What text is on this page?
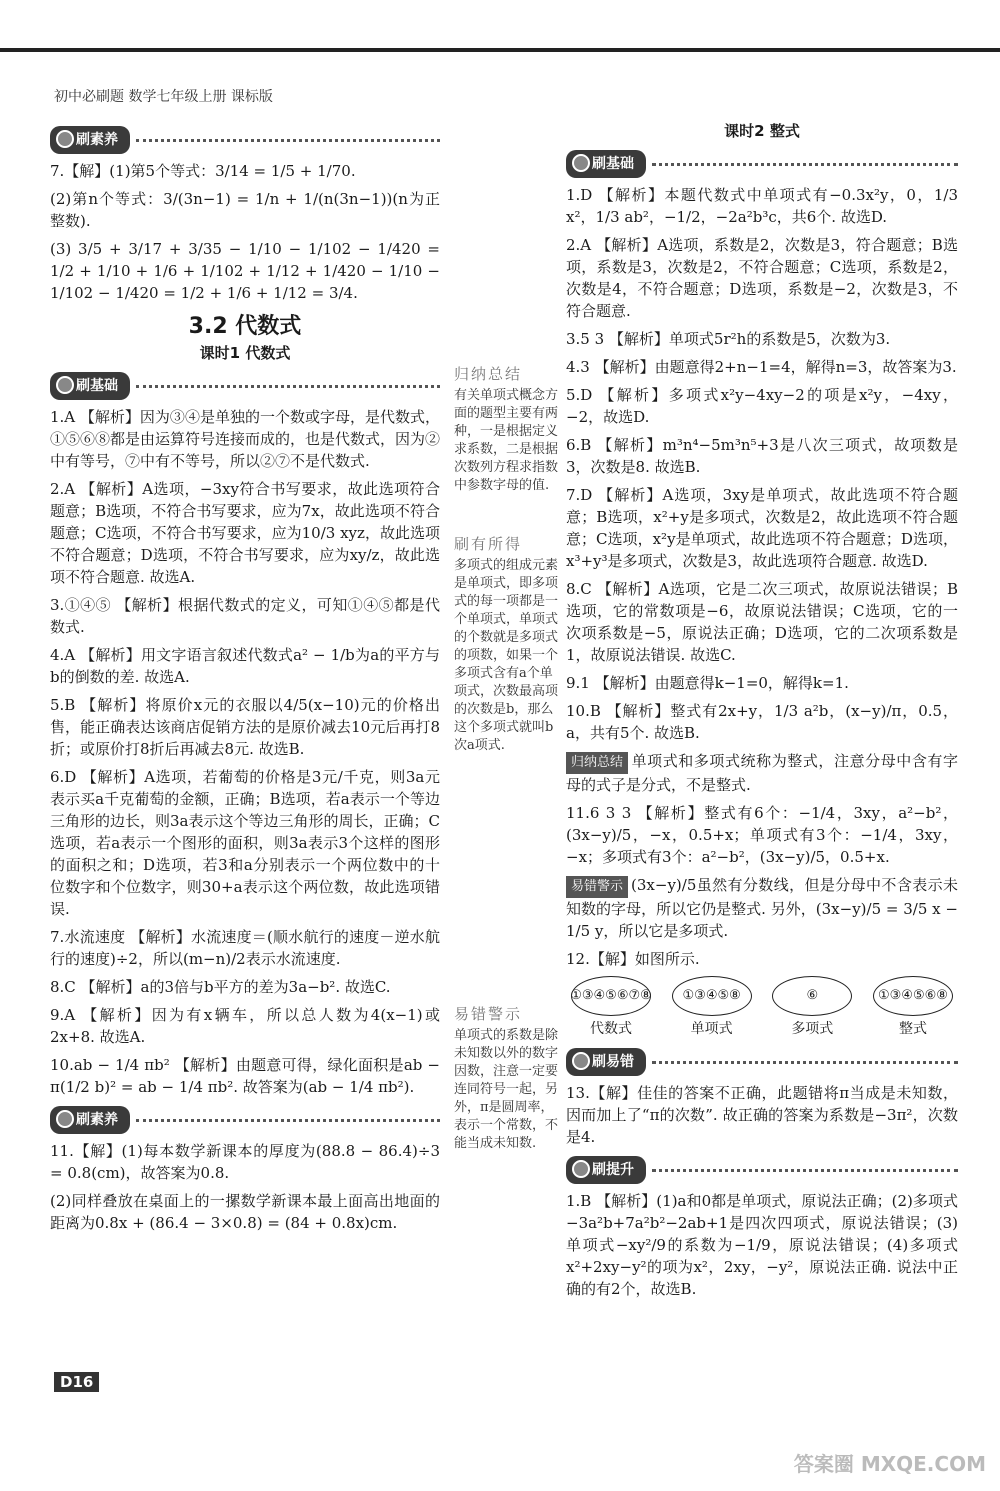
初中必刷题 数学七年级上册 课标版
刷素养
7.【解】(1)第5个等式：3/14 = 1/5 + 1/70.
(2)第n个等式：3/(3n−1) = 1/n + 1/(n(3n−1))(n为正整数).
(3) 3/5 + 3/17 + 3/35 − 1/10 − 1/102 − 1/420 = 1/2 + 1/10 + 1/6 + 1/102 + 1/12 + 1/420 − 1/10 − 1/102 − 1/420 = 1/2 + 1/6 + 1/12 = 3/4.
3.2 代数式
课时1 代数式
刷基础
1.A 【解析】因为③④是单独的一个数或字母，是代数式，①⑤⑥⑧都是由运算符号连接而成的，也是代数式，因为②中有等号，⑦中有不等号，所以②⑦不是代数式.
2.A 【解析】A选项，−3xy符合书写要求，故此选项符合题意；B选项，不符合书写要求，应为7x，故此选项不符合题意；C选项，不符合书写要求，应为10/3 xyz，故此选项不符合题意；D选项，不符合书写要求，应为xy/z，故此选项不符合题意. 故选A.
3.①④⑤ 【解析】根据代数式的定义，可知①④⑤都是代数式.
4.A 【解析】用文字语言叙述代数式a² − 1/b为a的平方与b的倒数的差. 故选A.
5.B 【解析】将原价x元的衣服以4/5(x−10)元的价格出售，能正确表达该商店促销方法的是原价减去10元后再打8折；或原价打8折后再减去8元. 故选B.
6.D 【解析】A选项，若葡萄的价格是3元/千克，则3a元表示买a千克葡萄的金额，正确；B选项，若a表示一个等边三角形的边长，则3a表示这个等边三角形的周长，正确；C选项，若a表示一个图形的面积，则3a表示3个这样的图形的面积之和；D选项，若3和a分别表示一个两位数中的十位数字和个位数字，则30+a表示这个两位数，故此选项错误.
7.水流速度 【解析】水流速度＝(顺水航行的速度－逆水航行的速度)÷2，所以(m−n)/2表示水流速度.
8.C 【解析】a的3倍与b平方的差为3a−b². 故选C.
9.A 【解析】因为有x辆车，所以总人数为4(x−1)或2x+8. 故选A.
10.ab − 1/4 πb² 【解析】由题意可得，绿化面积是ab − π(1/2 b)² = ab − 1/4 πb². 故答案为(ab − 1/4 πb²).
刷素养
11.【解】(1)每本数学新课本的厚度为(88.8 − 86.4)÷3 = 0.8(cm)，故答案为0.8.
(2)同样叠放在桌面上的一摞数学新课本最上面高出地面的距离为0.8x + (86.4 − 3×0.8) = (84 + 0.8x)cm.
归纳总结
有关单项式概念方面的题型主要有两种，一是根据定义求系数，二是根据次数列方程求指数中参数字母的值.
刷有所得
多项式的组成元素是单项式，即多项式的每一项都是一个单项式，单项式的个数就是多项式的项数，如果一个多项式含有a个单项式，次数最高项的次数是b，那么这个多项式就叫b次a项式.
易错警示
单项式的系数是除未知数以外的数字因数，注意一定要连同符号一起，另外，π是圆周率，表示一个常数，不能当成未知数.
课时2 整式
刷基础
1.D 【解析】本题代数式中单项式有−0.3x²y，0，1/3 x²，1/3 ab²，−1/2，−2a²b³c，共6个. 故选D.
2.A 【解析】A选项，系数是2，次数是3，符合题意；B选项，系数是3，次数是2，不符合题意；C选项，系数是2，次数是4，不符合题意；D选项，系数是−2，次数是3，不符合题意.
3.5 3 【解析】单项式5r²h的系数是5，次数为3.
4.3 【解析】由题意得2+n−1=4，解得n=3，故答案为3.
5.D 【解析】多项式x²y−4xy−2的项是x²y，−4xy，−2，故选D.
6.B 【解析】m³n⁴−5m³n⁵+3是八次三项式，故项数是3，次数是8. 故选B.
7.D 【解析】A选项，3xy是单项式，故此选项不符合题意；B选项，x²+y是多项式，次数是2，故此选项不符合题意；C选项，x²y是单项式，故此选项不符合题意；D选项，x³+y³是多项式，次数是3，故此选项符合题意. 故选D.
8.C 【解析】A选项，它是二次三项式，故原说法错误；B选项，它的常数项是−6，故原说法错误；C选项，它的一次项系数是−5，原说法正确；D选项，它的二次项系数是1，故原说法错误. 故选C.
9.1 【解析】由题意得k−1=0，解得k=1.
10.B 【解析】整式有2x+y，1/3 a²b，(x−y)/π，0.5，a，共有5个. 故选B.
归纳总结 单项式和多项式统称为整式，注意分母中含有字母的式子是分式，不是整式.
11.6 3 3 【解析】整式有6个：−1/4，3xy，a²−b²，(3x−y)/5，−x，0.5+x；单项式有3个：−1/4，3xy，−x；多项式有3个：a²−b²，(3x−y)/5，0.5+x.
易错警示 (3x−y)/5虽然有分数线，但是分母中不含表示未知数的字母，所以它仍是整式. 另外，(3x−y)/5 = 3/5 x − 1/5 y，所以它是多项式.
12.【解】如图所示.
①③④⑤⑥⑦⑧
代数式
①③④⑤⑧
单项式
⑥
多项式
①③④⑤⑥⑧
整式
刷易错
13.【解】佳佳的答案不正确，此题错将π当成是未知数，因而加上了“π的次数”. 故正确的答案为系数是−3π²，次数是4.
刷提升
1.B 【解析】(1)a和0都是单项式，原说法正确；(2)多项式−3a²b+7a²b²−2ab+1是四次四项式，原说法错误；(3)单项式−xy²/9的系数为−1/9，原说法错误；(4)多项式x²+2xy−y²的项为x²，2xy，−y²，原说法正确. 说法中正确的有2个，故选B.
D16
答案圈 MXQE.COM
